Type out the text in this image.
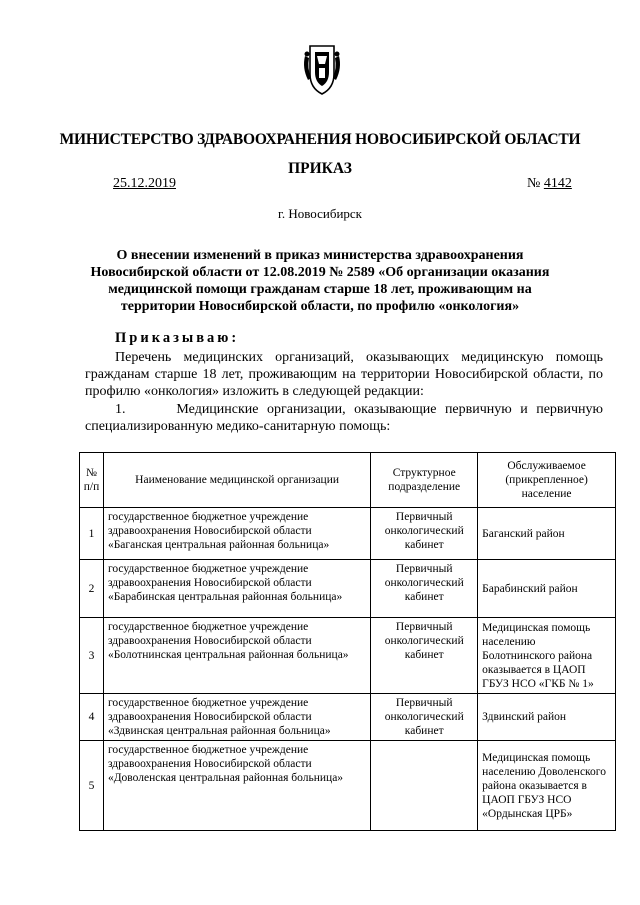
МИНИСТЕРСТВО ЗДРАВООХРАНЕНИЯ НОВОСИБИРСКОЙ ОБЛАСТИ
ПРИКАЗ
25.12.2019	№ 4142
г. Новосибирск
О внесении изменений в приказ министерства здравоохранения Новосибирской области от 12.08.2019 № 2589 «Об организации оказания медицинской помощи гражданам старше 18 лет, проживающим на территории Новосибирской области, по профилю «онкология»
Приказываю:
Перечень медицинских организаций, оказывающих медицинскую помощь гражданам старше 18 лет, проживающим на территории Новосибирской области, по профилю «онкология» изложить в следующей редакции:
1.      Медицинские организации, оказывающие первичную и первичную специализированную медико-санитарную помощь:
№ п/п	Наименование медицинской организации	Структурное подразделение	Обслуживаемое (прикрепленное) население
1	государственное бюджетное учреждение здравоохранения Новосибирской области «Баганская центральная районная больница»	Первичный онкологический кабинет	Баганский район
2	государственное бюджетное учреждение здравоохранения Новосибирской области «Барабинская центральная районная больница»	Первичный онкологический кабинет	Барабинский район
3	государственное бюджетное учреждение здравоохранения Новосибирской области «Болотнинская центральная районная больница»	Первичный онкологический кабинет	Медицинская помощь населению Болотнинского района оказывается в ЦАОП ГБУЗ НСО «ГКБ № 1»
4	государственное бюджетное учреждение здравоохранения Новосибирской области «Здвинская центральная районная больница»	Первичный онкологический кабинет	Здвинский район
5	государственное бюджетное учреждение здравоохранения Новосибирской области «Доволенская центральная районная больница»		Медицинская помощь населению Доволенского района оказывается в ЦАОП ГБУЗ НСО «Ордынская ЦРБ»
